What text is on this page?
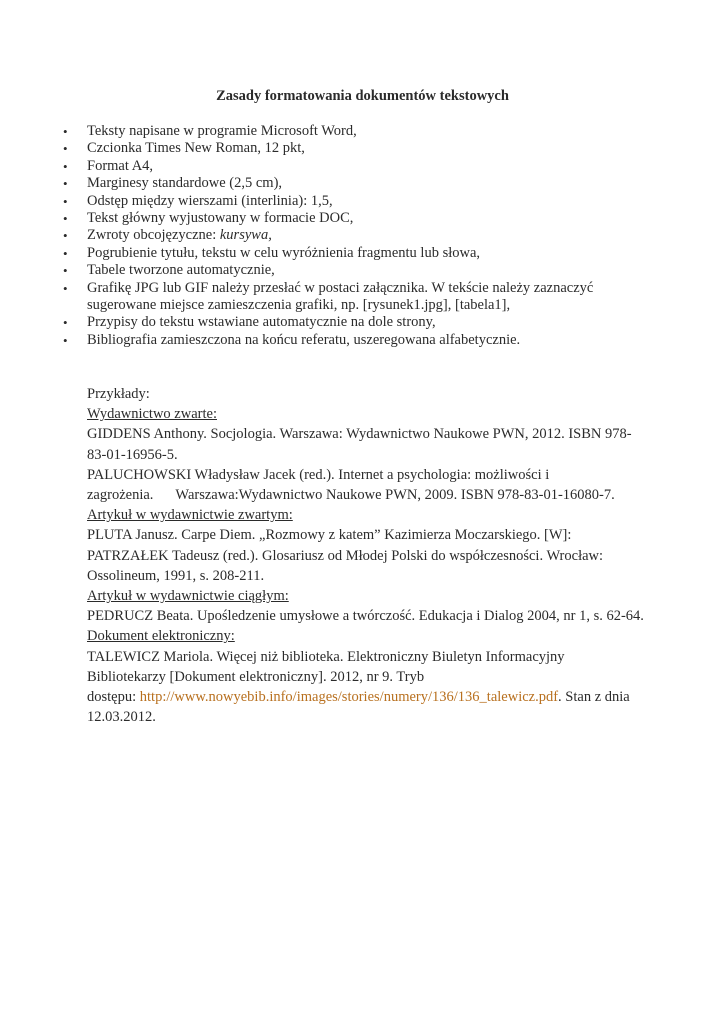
Zasady formatowania dokumentów tekstowych
• Teksty napisane w programie Microsoft Word,
• Czcionka Times New Roman, 12 pkt,
• Format A4,
• Marginesy standardowe (2,5 cm),
• Odstęp między wierszami (interlinia): 1,5,
• Tekst główny wyjustowany w formacie DOC,
• Zwroty obcojęzyczne: kursywa,
• Pogrubienie tytułu, tekstu w celu wyróżnienia fragmentu lub słowa,
• Tabele tworzone automatycznie,
• Grafikę JPG lub GIF należy przesłać w postaci załącznika. W tekście należy zaznaczyć sugerowane miejsce zamieszczenia grafiki, np. [rysunek1.jpg], [tabela1],
• Przypisy do tekstu wstawiane automatycznie na dole strony,
• Bibliografia zamieszczona na końcu referatu, uszeregowana alfabetycznie.

Przykłady:

Wydawnictwo zwarte:

GIDDENS Anthony. Socjologia. Warszawa: Wydawnictwo Naukowe PWN, 2012. ISBN 978-83-01-16956-5.

PALUCHOWSKI Władysław Jacek (red.). Internet a psychologia: możliwości i
zagrożenia. Warszawa:Wydawnictwo Naukowe PWN, 2009. ISBN 978-83-01-16080-7.

Artykuł w wydawnictwie zwartym:

PLUTA Janusz. Carpe Diem. „Rozmowy z katem” Kazimierza Moczarskiego. [W]: PATRZAŁEK Tadeusz (red.). Glosariusz od Młodej Polski do współczesności. Wrocław: Ossolineum, 1991, s. 208-211.

Artykuł w wydawnictwie ciągłym:

PEDRUCZ Beata. Upośledzenie umysłowe a twórczość. Edukacja i Dialog 2004, nr 1, s. 62-64.

Dokument elektroniczny:

TALEWICZ Mariola. Więcej niż biblioteka. Elektroniczny Biuletyn Informacyjny Bibliotekarzy [Dokument elektroniczny]. 2012, nr 9. Tryb
dostępu: http://www.nowyebib.info/images/stories/numery/136/136_talewicz.pdf. Stan z dnia 12.03.2012.
